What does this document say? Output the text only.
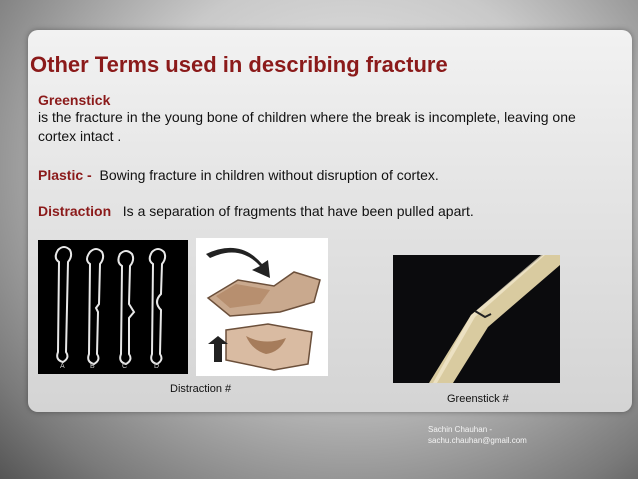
Other Terms used in describing fracture
Greenstick
is the fracture in the young bone of children where the break is incomplete, leaving one cortex intact .
Plastic - Bowing fracture in children without disruption of cortex.
Distraction Is a separation of fragments that have been pulled apart.
A	B	C	D
Distraction #
Greenstick #
Sachin Chauhan -
sachu.chauhan@gmail.com
